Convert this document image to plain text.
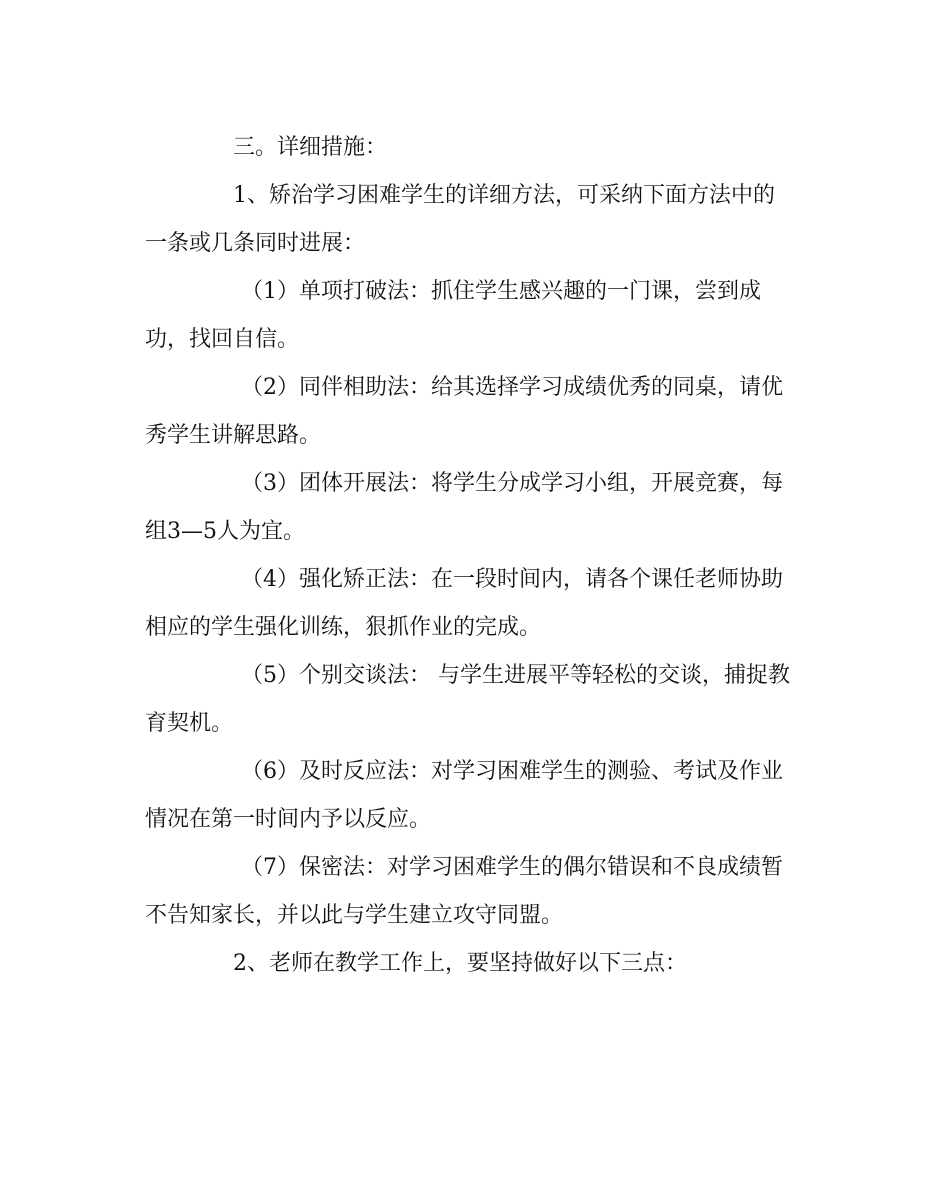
三。详细措施：

1、矫治学习困难学生的详细方法，可采纳下面方法中的一条或几条同时进展：

（1）单项打破法：抓住学生感兴趣的一门课，尝到成功，找回自信。

（2）同伴相助法：给其选择学习成绩优秀的同桌，请优秀学生讲解思路。

（3）团体开展法：将学生分成学习小组，开展竞赛，每组3—5人为宜。

（4）强化矫正法：在一段时间内，请各个课任老师协助相应的学生强化训练，狠抓作业的完成。

（5）个别交谈法： 与学生进展平等轻松的交谈，捕捉教育契机。

（6）及时反应法：对学习困难学生的测验、考试及作业情况在第一时间内予以反应。

（7）保密法：对学习困难学生的偶尔错误和不良成绩暂不告知家长，并以此与学生建立攻守同盟。

2、老师在教学工作上，要坚持做好以下三点：
